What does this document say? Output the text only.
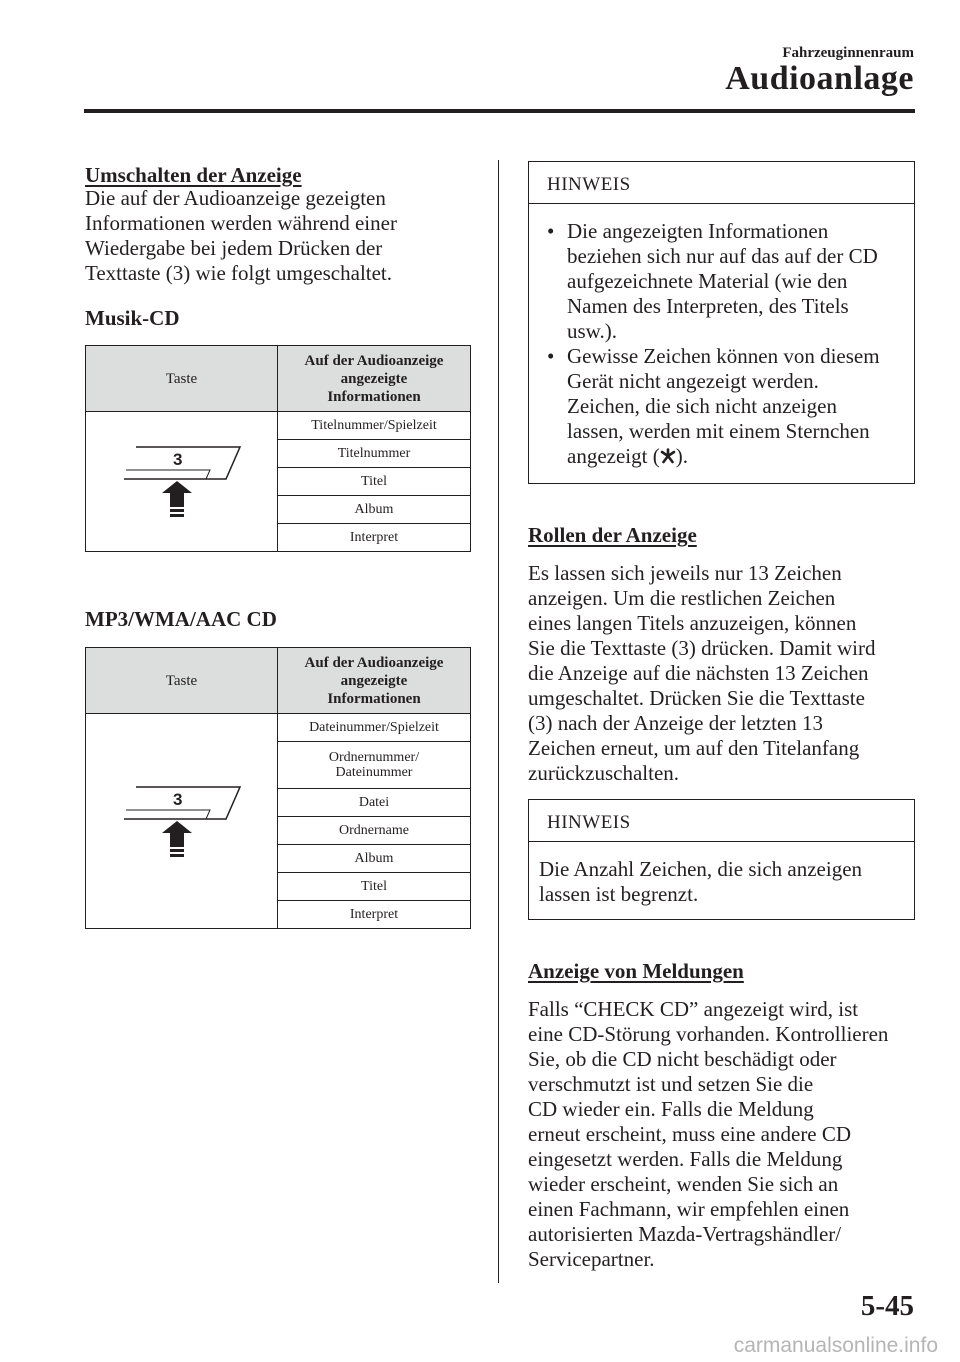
Fahrzeuginnenraum
Audioanlage
Umschalten der Anzeige
Die auf der Audioanzeige gezeigten
Informationen werden während einer
Wiedergabe bei jedem Drücken der
Texttaste (3) wie folgt umgeschaltet.
Musik-CD
Taste	Auf der Audioanzeige
angezeigte
Informationen

3	Titelnummer/Spielzeit
	Titelnummer
	Titel
	Album
	Interpret
MP3/WMA/AAC CD
Taste	Auf der Audioanzeige
angezeigte
Informationen

3	Dateinummer/Spielzeit

	Ordnernummer/
Dateinummer

	Datei
	Ordnername
	Album
	Titel
	Interpret
HINWEIS
• Die angezeigten Informationen
beziehen sich nur auf das auf der CD
aufgezeichnete Material (wie den
Namen des Interpreten, des Titels
usw.).
• Gewisse Zeichen können von diesem
Gerät nicht angezeigt werden.
Zeichen, die sich nicht anzeigen
lassen, werden mit einem Sternchen
angezeigt ( ).
Rollen der Anzeige
Es lassen sich jeweils nur 13 Zeichen
anzeigen. Um die restlichen Zeichen
eines langen Titels anzuzeigen, können
Sie die Texttaste (3) drücken. Damit wird
die Anzeige auf die nächsten 13 Zeichen
umgeschaltet. Drücken Sie die Texttaste
(3) nach der Anzeige der letzten 13
Zeichen erneut, um auf den Titelanfang
zurückzuschalten.
HINWEIS
Die Anzahl Zeichen, die sich anzeigen
lassen ist begrenzt.
Anzeige von Meldungen
Falls “CHECK CD” angezeigt wird, ist
eine CD-Störung vorhanden. Kontrollieren
Sie, ob die CD nicht beschädigt oder
verschmutzt ist und setzen Sie die
CD wieder ein. Falls die Meldung
erneut erscheint, muss eine andere CD
eingesetzt werden. Falls die Meldung
wieder erscheint, wenden Sie sich an
einen Fachmann, wir empfehlen einen
autorisierten Mazda-Vertragshändler/
Servicepartner.
5-45
carmanualsonline.info
